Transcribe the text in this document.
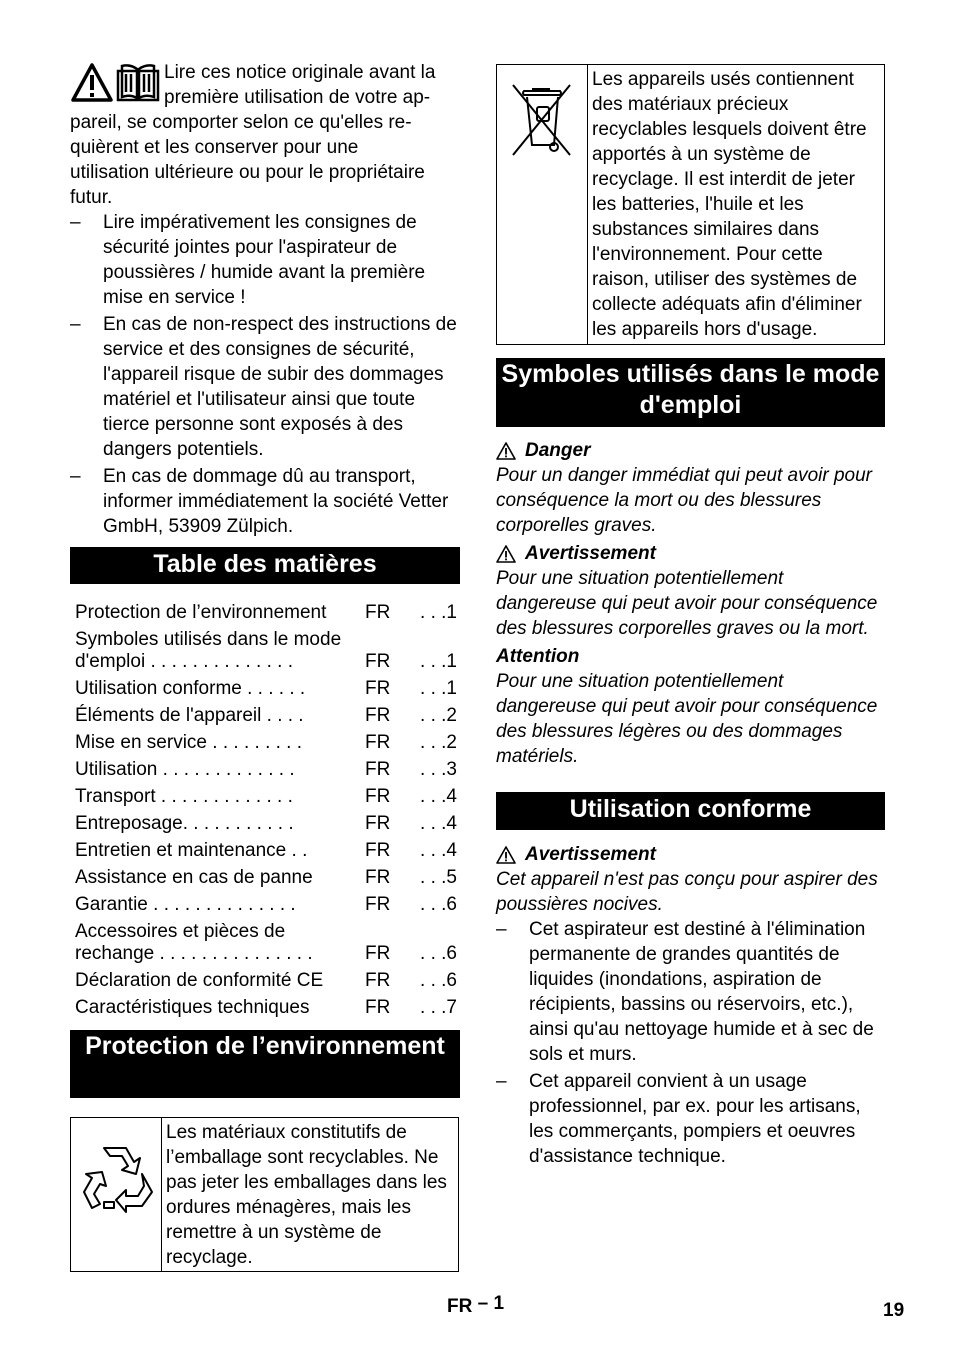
Lire ces notice originale avant la

première utilisation de votre ap-

pareil, se comporter selon ce qu'elles re-

quièrent et les conserver pour une

utilisation ultérieure ou pour le propriétaire

futur.

– Lire impérativement les consignes de sécurité jointes pour l'aspirateur de poussières / humide avant la première mise en service !
– En cas de non-respect des instructions de service et des consignes de sécurité, l'appareil risque de subir des dommages matériel et l'utilisateur ainsi que toute tierce personne sont exposés à des dangers potentiels.
– En cas de dommage dû au transport, informer immédiatement la société Vetter GmbH, 53909 Zülpich.
Table des matières
Protection de l’environnement	FR	. . .1
Symboles utilisés dans le mode d'emploi . . . . . . . . . . . . . .	FR	. . .1
Utilisation conforme . . . . . .	FR	. . .1
Éléments de l'appareil . . . .	FR	. . .2
Mise en service . . . . . . . . .	FR	. . .2
Utilisation . . . . . . . . . . . . .	FR	. . .3
Transport . . . . . . . . . . . . .	FR	. . .4
Entreposage. . . . . . . . . . .	FR	. . .4
Entretien et maintenance . .	FR	. . .4
Assistance en cas de panne	FR	. . .5
Garantie . . . . . . . . . . . . . .	FR	. . .6
Accessoires et pièces de rechange . . . . . . . . . . . . . . .	FR	. . .6
Déclaration de conformité CE	FR	. . .6
Caractéristiques techniques	FR	. . .7
Protection de l’environnement
Les matériaux constitutifs de l’emballage sont recyclables. Ne pas jeter les emballages dans les ordures ménagères, mais les remettre à un système de recyclage.
Les appareils usés contiennent des matériaux précieux recyclables lesquels doivent être apportés à un système de recyclage. Il est interdit de jeter les batteries, l'huile et les substances similaires dans l'environnement. Pour cette raison, utiliser des systèmes de collecte adéquats afin d'éliminer les appareils hors d'usage.
Symboles utilisés dans le mode d'emploi
Danger

Pour un danger immédiat qui peut avoir pour conséquence la mort ou des blessures corporelles graves.

Avertissement

Pour une situation potentiellement dangereuse qui peut avoir pour conséquence des blessures corporelles graves ou la mort.

Attention

Pour une situation potentiellement dangereuse qui peut avoir pour conséquence des blessures légères ou des dommages matériels.

Utilisation conforme
Avertissement

Cet appareil n'est pas conçu pour aspirer des poussières nocives.

– Cet aspirateur est destiné à l'élimination permanente de grandes quantités de liquides (inondations, aspiration de récipients, bassins ou réservoirs, etc.), ainsi qu'au nettoyage humide et à sec de sols et murs.
– Cet appareil convient à un usage professionnel, par ex. pour les artisans, les commerçants, pompiers et oeuvres d'assistance technique.
FR – 1	19
